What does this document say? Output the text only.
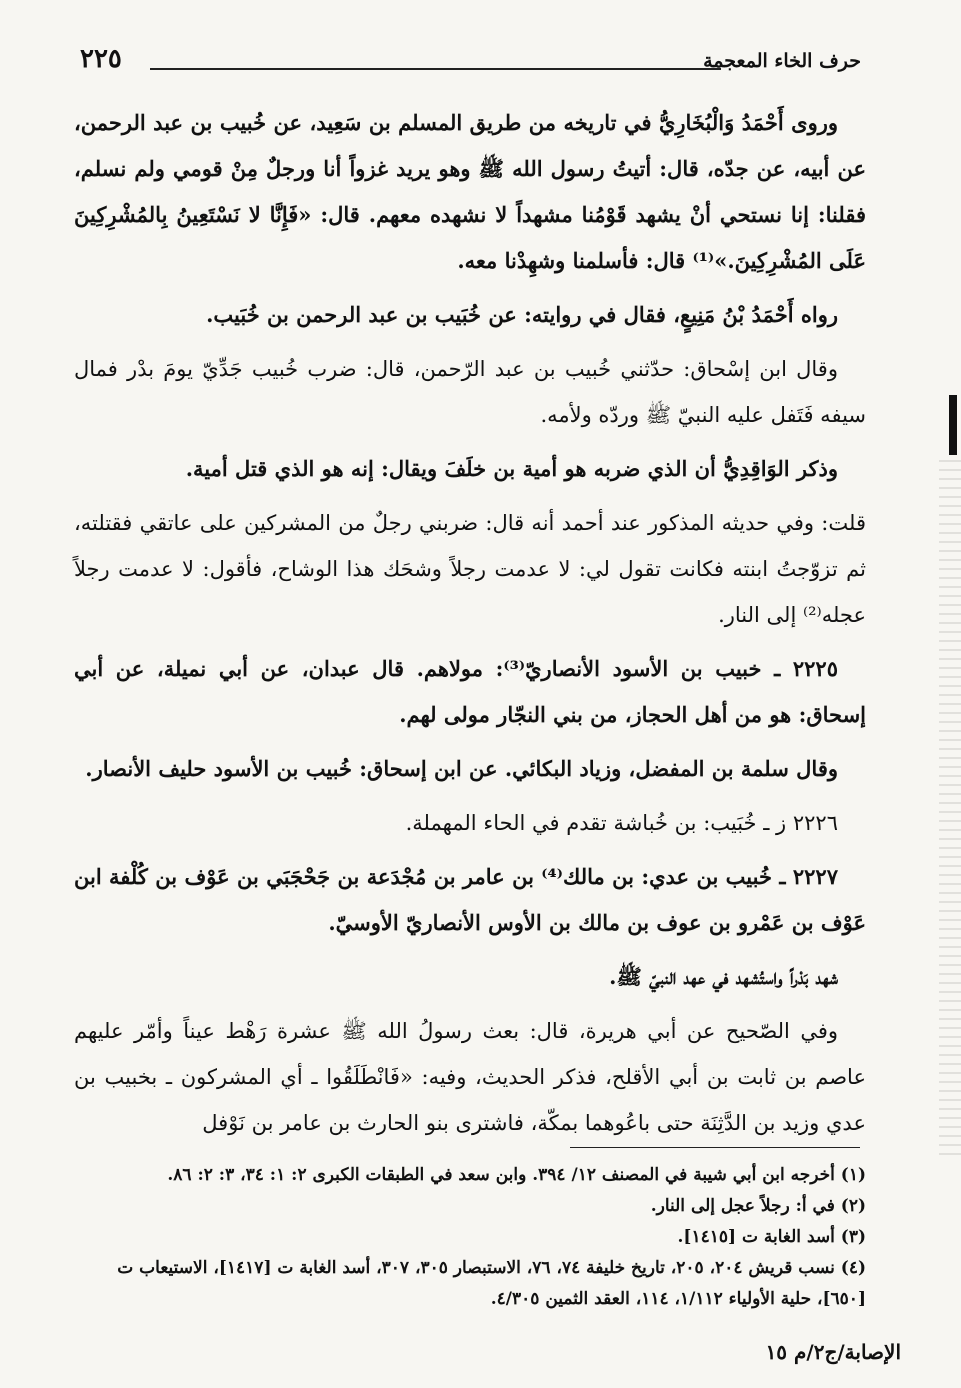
حرف الخاء المعجمة
٢٢٥

وروى أَحْمَدُ وَالْبُخَارِيُّ في تاريخه من طريق المسلم بن سَعِيد، عن خُبيب بن عبد الرحمن، عن أبيه، عن جدّه، قال: أتيتُ رسول الله ﷺ وهو يريد غزواً أنا ورجلٌ مِنْ قومي ولم نسلم، فقلنا: إنا نستحي أنْ يشهد قَوْمُنا مشهداً لا نشهده معهم. قال: «فَإِنَّا لا نَسْتَعِينُ بِالمُشْرِكِينَ عَلَى المُشْرِكِينَ.»⁽¹⁾ قال: فأسلمنا وشهِدْنا معه.

رواه أَحْمَدُ بْنُ مَنِيعٍ، فقال في روايته: عن خُبَيب بن عبد الرحمن بن خُبَيب.

وقال ابن إسْحاق: حدّثني خُبيب بن عبد الرّحمن، قال: ضرب خُبيب جَدِّيّ يومَ بدْر فمال سيفه فَتَفل عليه النبيّ ﷺ وردّه ولأمه.

وذكر الوَاقِدِيُّ أن الذي ضربه هو أمية بن خلَفَ ويقال: إنه هو الذي قتل أمية.

قلت: وفي حديثه المذكور عند أحمد أنه قال: ضربني رجلٌ من المشركين على عاتقي فقتلته، ثم تزوّجتُ ابنته فكانت تقول لي: لا عدمت رجلاً وشحَك هذا الوشاح، فأقول: لا عدمت رجلاً عجله⁽²⁾ إلى النار.

٢٢٢٥ ـ خبيب بن الأسود الأنصاريّ⁽³⁾: مولاهم. قال عبدان، عن أبي نميلة، عن أبي إسحاق: هو من أهل الحجاز، من بني النجّار مولى لهم.

وقال سلمة بن المفضل، وزياد البكائي. عن ابن إسحاق: خُبيب بن الأسود حليف الأنصار.

٢٢٢٦ ز ـ خُبَيب: بن خُباشة تقدم في الحاء المهملة.

٢٢٢٧ ـ خُبيب بن عدي: بن مالك⁽⁴⁾ بن عامر بن مُجْدَعة بن جَحْجَبَي بن عَوْف بن كُلْفة ابن عَوْف بن عَمْرو بن عوف بن مالك بن الأوس الأنصاريّ الأوسيّ.

شهد بَدْراً واستُشهد في عهد النبيّ ﷺ.

وفي الصّحيح عن أبي هريرة، قال: بعث رسولُ الله ﷺ عشرة رَهْط عيناً وأمّر عليهم عاصم بن ثابت بن أبي الأقلح، فذكر الحديث، وفيه: «فَانْطَلَقُوا ـ أي المشركون ـ بخبيب بن عدي وزيد بن الدَّثِنَة حتى باعُوهما بمكّة، فاشترى بنو الحارث بن عامر بن نَوْفل

(١) أخرجه ابن أبي شيبة في المصنف ١٢/ ٣٩٤. وابن سعد في الطبقات الكبرى ٢: ١: ٣٤، ٣: ٢: ٨٦.

(٢) في أ: رجلاً عجل إلى النار.

(٣) أسد الغابة ت [١٤١٥].

(٤) نسب قريش ٢٠٤، ٢٠٥، تاريخ خليفة ٧٤، ٧٦، الاستبصار ٣٠٥، ٣٠٧، أسد الغابة ت [١٤١٧]، الاستيعاب ت [٦٥٠]، حلية الأولياء ١/١١٢، ١١٤، العقد الثمين ٤/٣٠٥.

الإصابة/ج٢/م ١٥
